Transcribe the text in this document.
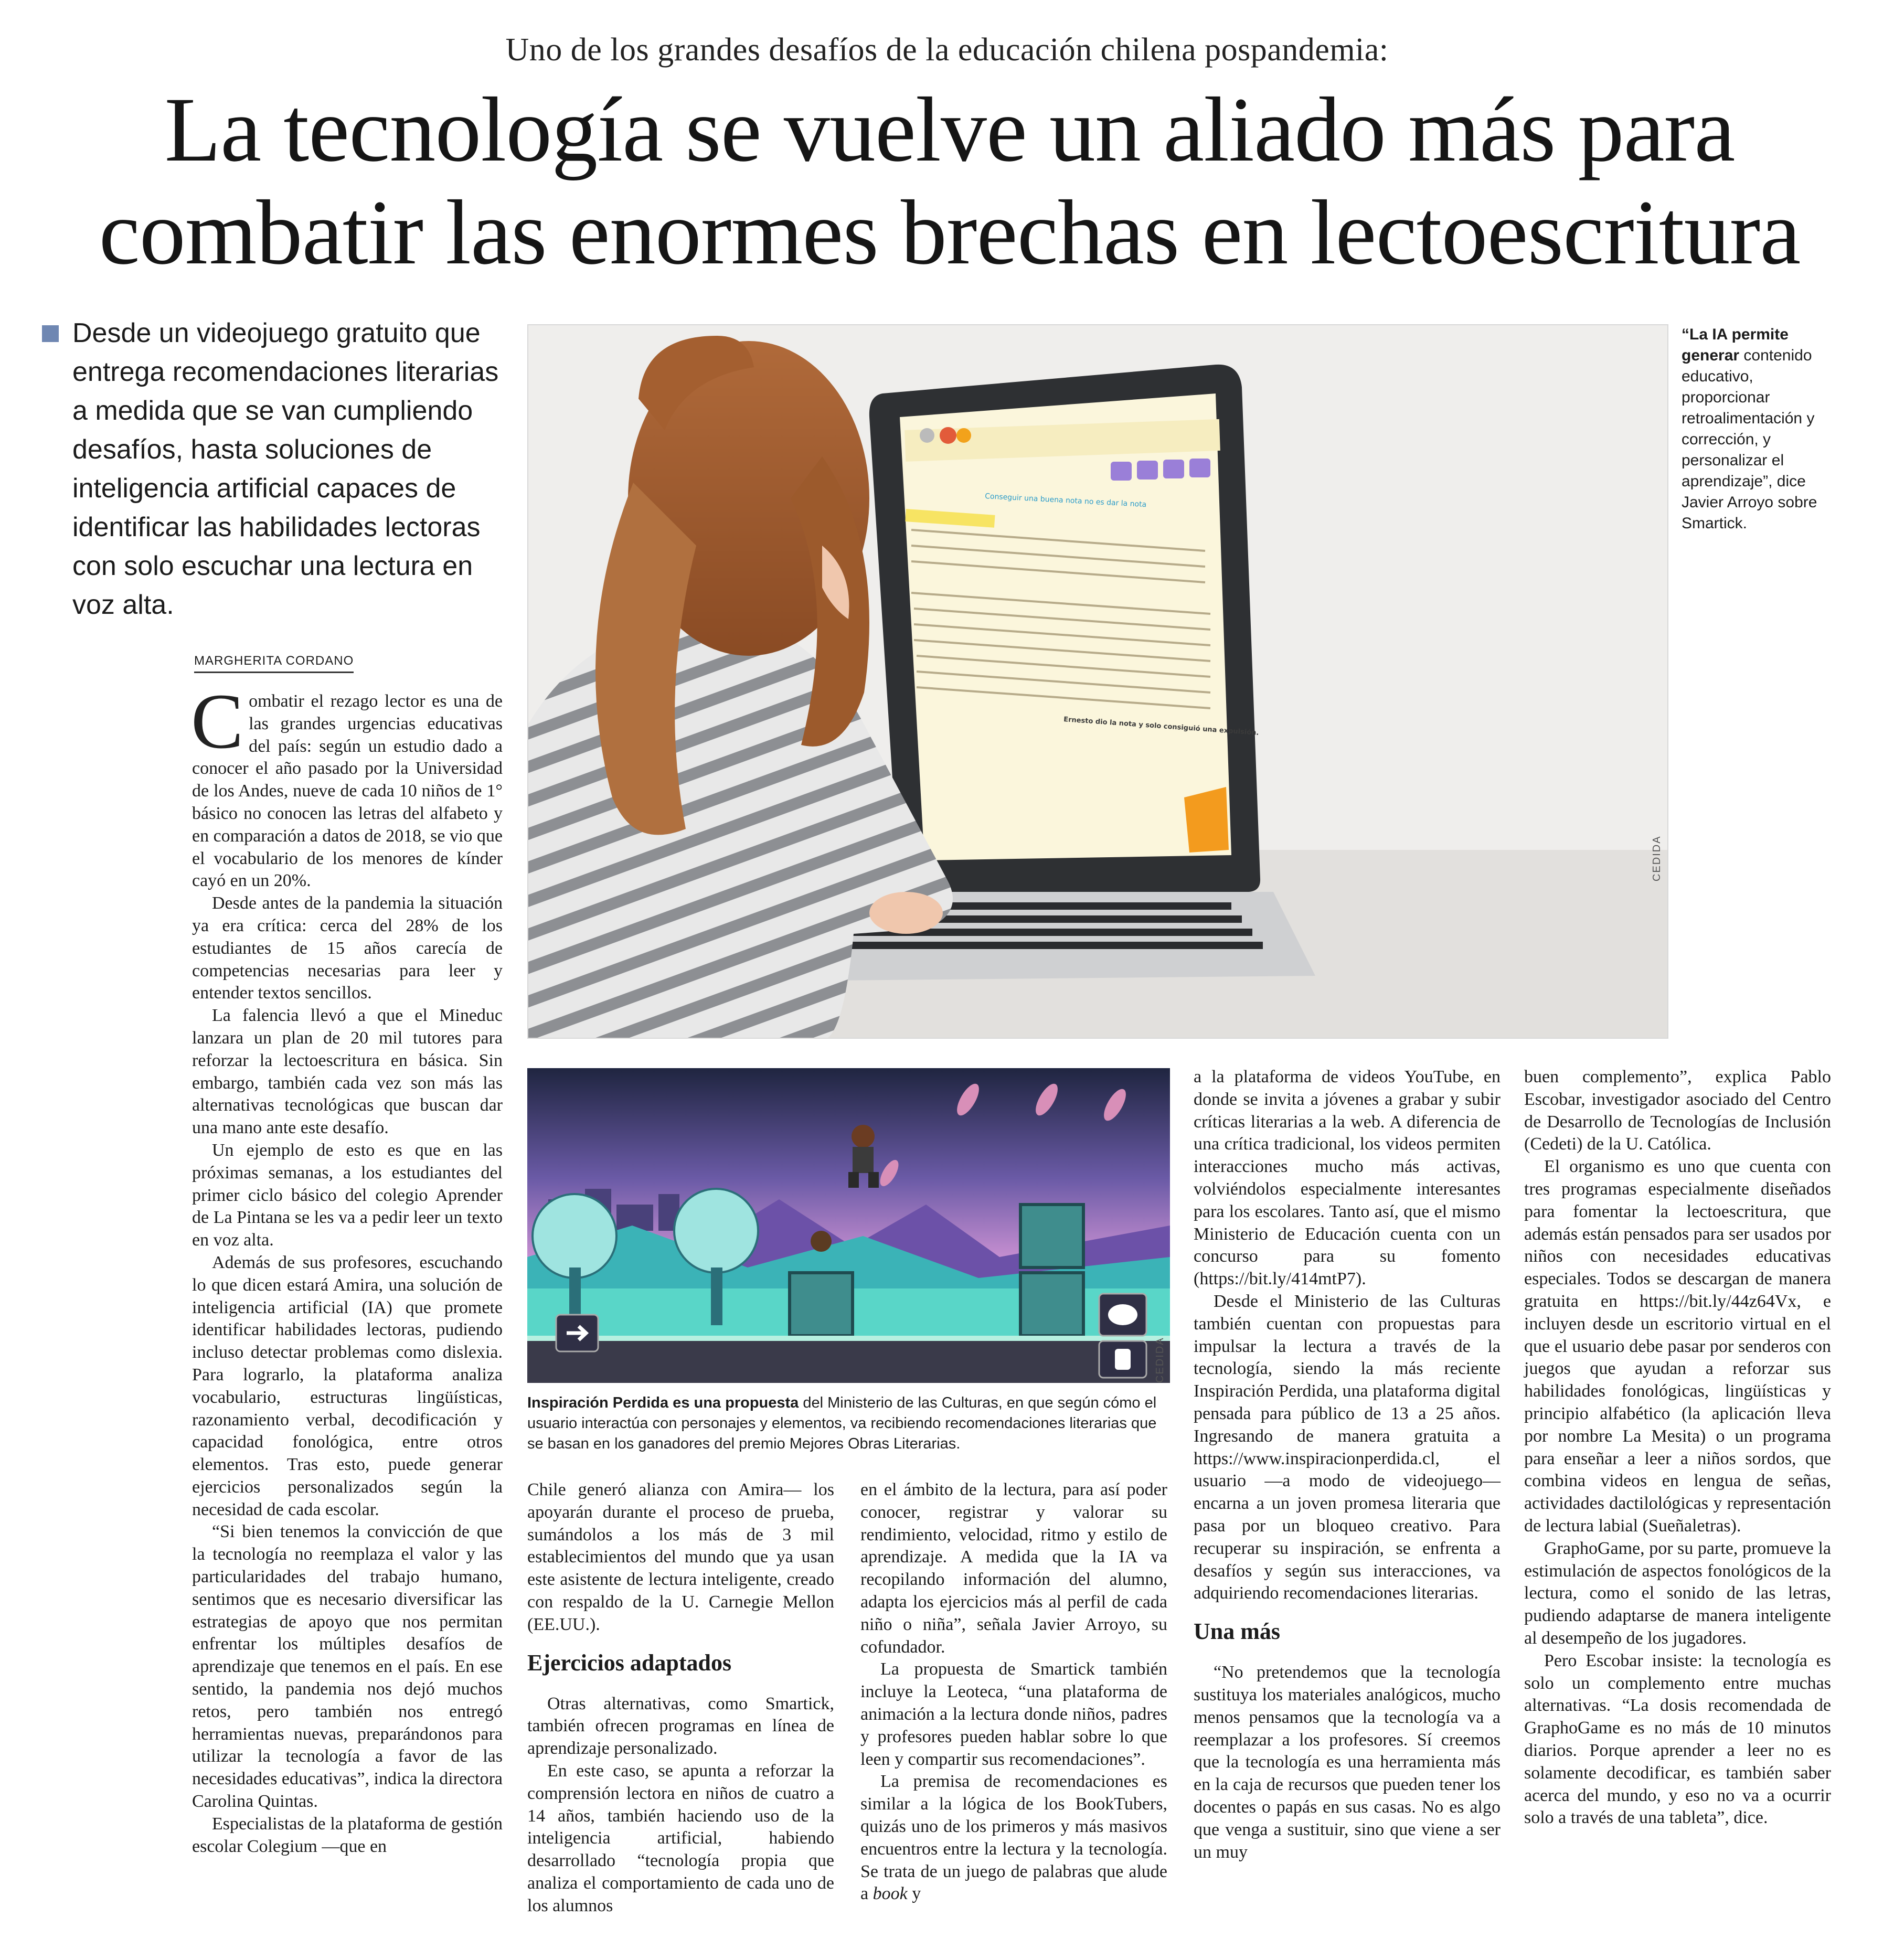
Uno de los grandes desafíos de la educación chilena pospandemia:
La tecnología se vuelve un aliado más para
combatir las enormes brechas en lectoescritura
Desde un videojuego gratuito que entrega recomendaciones literarias a medida que se van cumpliendo desafíos, hasta soluciones de inteligencia artificial capaces de identificar las habilidades lectoras con solo escuchar una lectura en voz alta.
MARGHERITA CORDANO
Conseguir una buena nota no es dar la nota
Ernesto dio la nota y solo consiguió una expulsión.
CEDIDA
“La IA permite generar contenido educativo, proporcionar retroalimentación y corrección, y personalizar el aprendizaje”, dice Javier Arroyo sobre Smartick.
CEDIDA
Inspiración Perdida es una propuesta del Ministerio de las Culturas, en que según cómo el usuario interactúa con personajes y elementos, va recibiendo recomendaciones literarias que se basan en los ganadores del premio Mejores Obras Literarias.

Combatir el rezago lector es una de las grandes urgencias educativas del país: según un estudio dado a conocer el año pasado por la Universidad de los Andes, nueve de cada 10 niños de 1° básico no conocen las letras del alfabeto y en comparación a datos de 2018, se vio que el vocabulario de los menores de kínder cayó en un 20%.

Desde antes de la pandemia la situación ya era crítica: cerca del 28% de los estudiantes de 15 años carecía de competencias necesarias para leer y entender textos sencillos.

La falencia llevó a que el Mineduc lanzara un plan de 20 mil tutores para reforzar la lectoescritura en básica. Sin embargo, también cada vez son más las alternativas tecnológicas que buscan dar una mano ante este desafío.

Un ejemplo de esto es que en las próximas semanas, a los estudiantes del primer ciclo básico del colegio Aprender de La Pintana se les va a pedir leer un texto en voz alta.

Además de sus profesores, escuchando lo que dicen estará Amira, una solución de inteligencia artificial (IA) que promete identificar habilidades lectoras, pudiendo incluso detectar problemas como dislexia. Para lograrlo, la plataforma analiza vocabulario, estructuras lingüísticas, razonamiento verbal, decodificación y capacidad fonológica, entre otros elementos. Tras esto, puede generar ejercicios personalizados según la necesidad de cada escolar.

“Si bien tenemos la convicción de que la tecnología no reemplaza el valor y las particularidades del trabajo humano, sentimos que es necesario diversificar las estrategias de apoyo que nos permitan enfrentar los múltiples desafíos de aprendizaje que tenemos en el país. En ese sentido, la pandemia nos dejó muchos retos, pero también nos entregó herramientas nuevas, preparándonos para utilizar la tecnología a favor de las necesidades educativas”, indica la directora Carolina Quintas.

Especialistas de la plataforma de gestión escolar Colegium —que en

Chile generó alianza con Amira— los apoyarán durante el proceso de prueba, sumándolos a los más de 3 mil establecimientos del mundo que ya usan este asistente de lectura inteligente, creado con respaldo de la U. Carnegie Mellon (EE.UU.).

Ejercicios adaptados

Otras alternativas, como Smartick, también ofrecen programas en línea de aprendizaje personalizado.

En este caso, se apunta a reforzar la comprensión lectora en niños de cuatro a 14 años, también haciendo uso de la inteligencia artificial, habiendo desarrollado “tecnología propia que analiza el comportamiento de cada uno de los alumnos

en el ámbito de la lectura, para así poder conocer, registrar y valorar su rendimiento, velocidad, ritmo y estilo de aprendizaje. A medida que la IA va recopilando información del alumno, adapta los ejercicios más al perfil de cada niño o niña”, señala Javier Arroyo, su cofundador.

La propuesta de Smartick también incluye la Leoteca, “una plataforma de animación a la lectura donde niños, padres y profesores pueden hablar sobre lo que leen y compartir sus recomendaciones”.

La premisa de recomendaciones es similar a la lógica de los BookTubers, quizás uno de los primeros y más masivos encuentros entre la lectura y la tecnología. Se trata de un juego de palabras que alude a book y

a la plataforma de videos YouTube, en donde se invita a jóvenes a grabar y subir críticas literarias a la web. A diferencia de una crítica tradicional, los videos permiten interacciones mucho más activas, volviéndolos especialmente interesantes para los escolares. Tanto así, que el mismo Ministerio de Educación cuenta con un concurso para su fomento (https://bit.ly/414mtP7).

Desde el Ministerio de las Culturas también cuentan con propuestas para impulsar la lectura a través de la tecnología, siendo la más reciente Inspiración Perdida, una plataforma digital pensada para público de 13 a 25 años. Ingresando de manera gratuita a https://www.inspiracionperdida.cl, el usuario —a modo de videojuego— encarna a un joven promesa literaria que pasa por un bloqueo creativo. Para recuperar su inspiración, se enfrenta a desafíos y según sus interacciones, va adquiriendo recomendaciones literarias.

Una más

“No pretendemos que la tecnología sustituya los materiales analógicos, mucho menos pensamos que la tecnología va a reemplazar a los profesores. Sí creemos que la tecnología es una herramienta más en la caja de recursos que pueden tener los docentes o papás en sus casas. No es algo que venga a sustituir, sino que viene a ser un muy

buen complemento”, explica Pablo Escobar, investigador asociado del Centro de Desarrollo de Tecnologías de Inclusión (Cedeti) de la U. Católica.

El organismo es uno que cuenta con tres programas especialmente diseñados para fomentar la lectoescritura, que además están pensados para ser usados por niños con necesidades educativas especiales. Todos se descargan de manera gratuita en https://bit.ly/44z64Vx, e incluyen desde un escritorio virtual en el que el usuario debe pasar por senderos con juegos que ayudan a reforzar sus habilidades fonológicas, lingüísticas y principio alfabético (la aplicación lleva por nombre La Mesita) o un programa para enseñar a leer a niños sordos, que combina videos en lengua de señas, actividades dactilológicas y representación de lectura labial (Sueñaletras).

GraphoGame, por su parte, promueve la estimulación de aspectos fonológicos de la lectura, como el sonido de las letras, pudiendo adaptarse de manera inteligente al desempeño de los jugadores.

Pero Escobar insiste: la tecnología es solo un complemento entre muchas alternativas. “La dosis recomendada de GraphoGame es no más de 10 minutos diarios. Porque aprender a leer no es solamente decodificar, es también saber acerca del mundo, y eso no va a ocurrir solo a través de una tableta”, dice.
